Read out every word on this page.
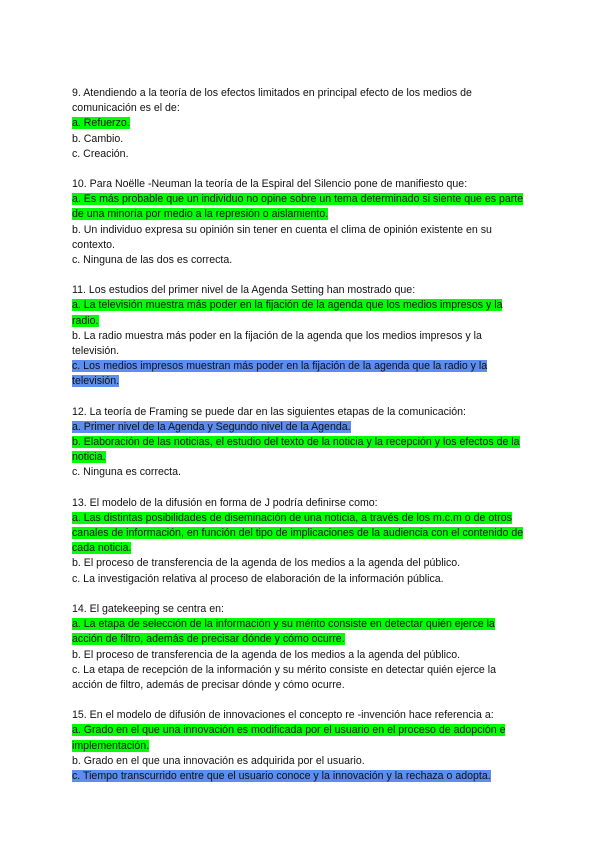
9. Atendiendo a la teoría de los efectos limitados en principal efecto de los medios de comunicación es el de:
a. Refuerzo.
b. Cambio.
c. Creación.
10. Para Noëlle -Neuman la teoría de la Espiral del Silencio pone de manifiesto que:
a. Es más probable que un individuo no opine sobre un tema determinado si siente que es parte de una minoría por medio a la represión o aislamiento.
b. Un individuo expresa su opinión sin tener en cuenta el clima de opinión existente en su contexto.
c. Ninguna de las dos es correcta.
11. Los estudios del primer nivel de la Agenda Setting han mostrado que:
a. La televisión muestra más poder en la fijación de la agenda que los medios impresos y la radio.
b. La radio muestra más poder en la fijación de la agenda que los medios impresos y la televisión.
c. Los medios impresos muestran más poder en la fijación de la agenda que la radio y la televisión.
12. La teoría de Framing se puede dar en las siguientes etapas de la comunicación:
a. Primer nivel de la Agenda y Segundo nivel de la Agenda.
b. Elaboración de las noticias, el estudio del texto de la noticia y la recepción y los efectos de la noticia.
c. Ninguna es correcta.
13. El modelo de la difusión en forma de J podría definirse como:
a. Las distintas posibilidades de diseminación de una noticia, a través de los m.c.m o de otros canales de información, en función del tipo de implicaciones de la audiencia con el contenido de cada noticia.
b. El proceso de transferencia de la agenda de los medios a la agenda del público.
c. La investigación relativa al proceso de elaboración de la información pública.
14. El gatekeeping se centra en:
a. La etapa de selección de la información y su mérito consiste en detectar quién ejerce la acción de filtro, además de precisar dónde y cómo ocurre.
b. El proceso de transferencia de la agenda de los medios a la agenda del público.
c. La etapa de recepción de la información y su mérito consiste en detectar quién ejerce la acción de filtro, además de precisar dónde y cómo ocurre.
15. En el modelo de difusión de innovaciones el concepto re -invención hace referencia a:
a. Grado en el que una innovación es modificada por el usuario en el proceso de adopción e implementación.
b. Grado en el que una innovación es adquirida por el usuario.
c. Tiempo transcurrido entre que el usuario conoce y la innovación y la rechaza o adopta.
